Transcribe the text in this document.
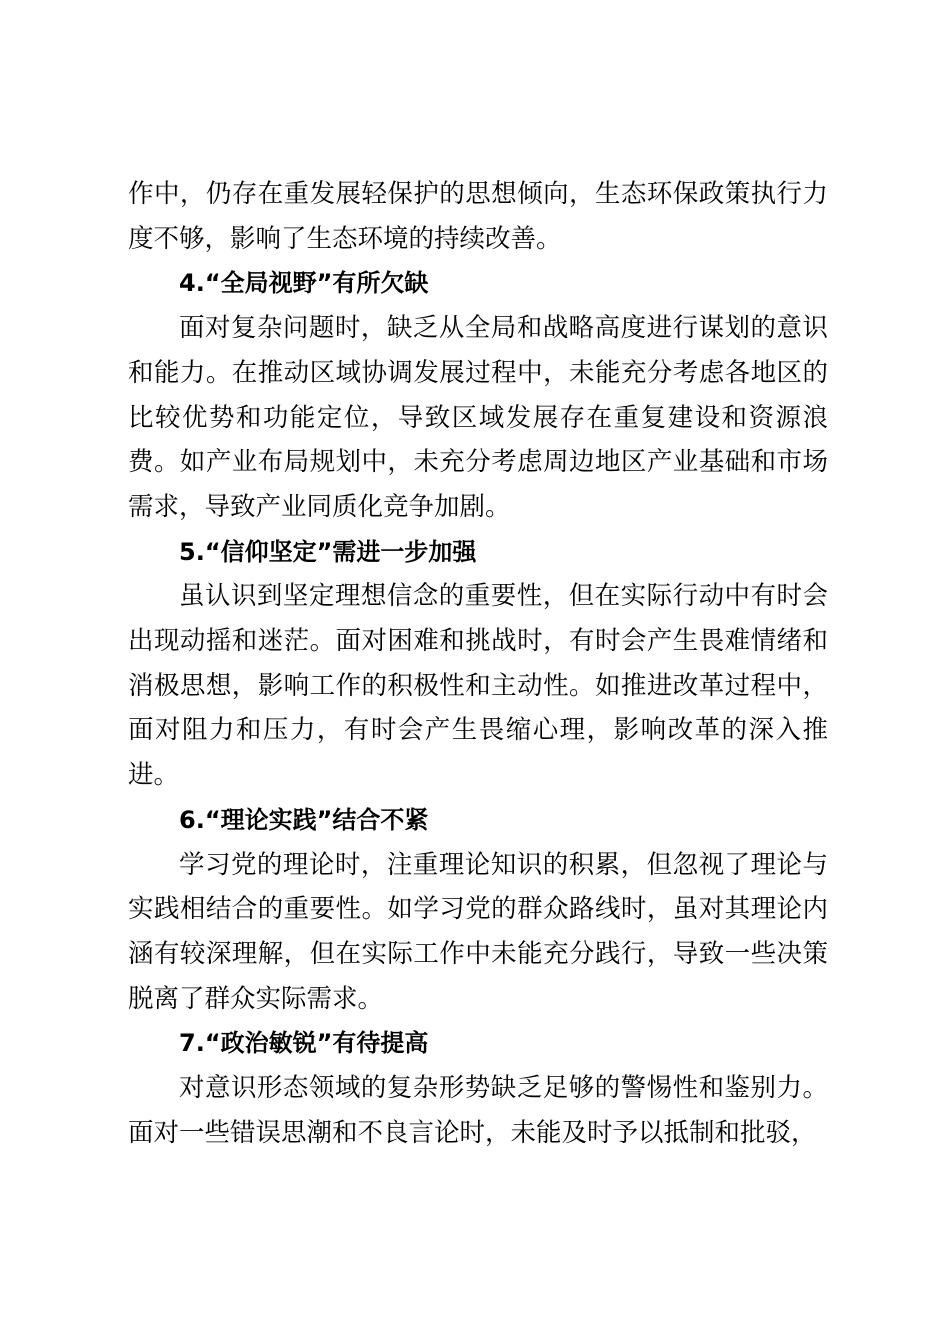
作中，仍存在重发展轻保护的思想倾向，生态环保政策执行力度不够，影响了生态环境的持续改善。

4.“全局视野”有所欠缺

面对复杂问题时，缺乏从全局和战略高度进行谋划的意识和能力。在推动区域协调发展过程中，未能充分考虑各地区的比较优势和功能定位，导致区域发展存在重复建设和资源浪费。如产业布局规划中，未充分考虑周边地区产业基础和市场需求，导致产业同质化竞争加剧。

5.“信仰坚定”需进一步加强

虽认识到坚定理想信念的重要性，但在实际行动中有时会出现动摇和迷茫。面对困难和挑战时，有时会产生畏难情绪和消极思想，影响工作的积极性和主动性。如推进改革过程中，面对阻力和压力，有时会产生畏缩心理，影响改革的深入推进。

6.“理论实践”结合不紧

学习党的理论时，注重理论知识的积累，但忽视了理论与实践相结合的重要性。如学习党的群众路线时，虽对其理论内涵有较深理解，但在实际工作中未能充分践行，导致一些决策脱离了群众实际需求。

7.“政治敏锐”有待提高

对意识形态领域的复杂形势缺乏足够的警惕性和鉴别力。面对一些错误思潮和不良言论时，未能及时予以抵制和批驳，
